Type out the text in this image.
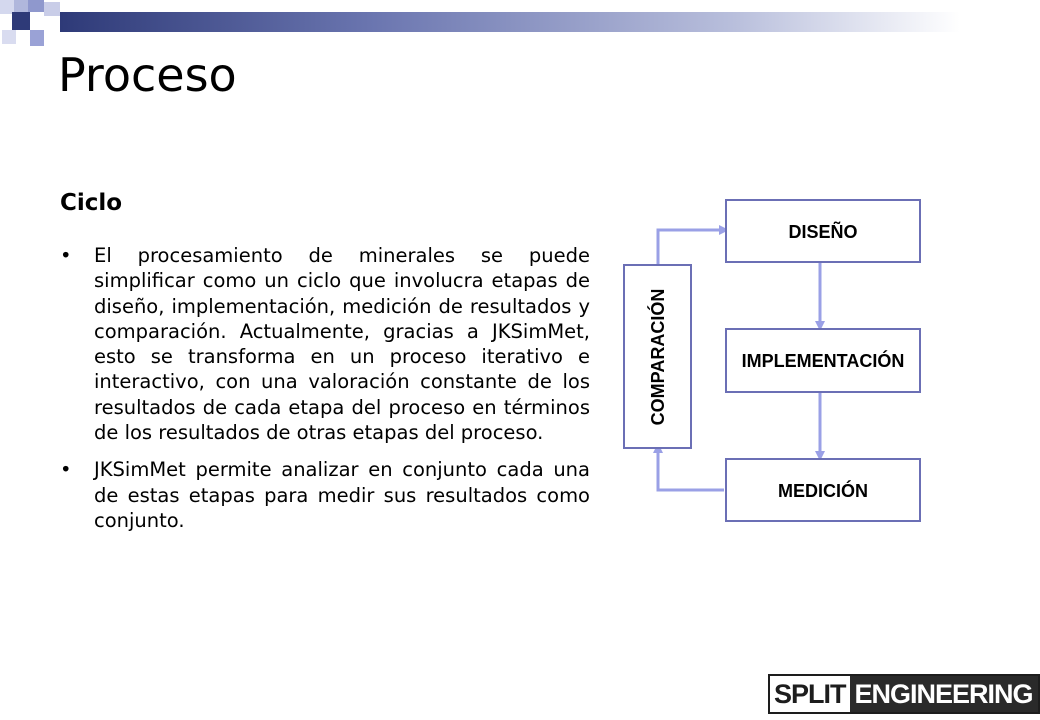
Proceso
Ciclo
• El procesamiento de minerales se puede simplificar como un ciclo que involucra etapas de diseño, implementación, medición de resultados y comparación. Actualmente, gracias a JKSimMet, esto se transforma en un proceso iterativo e interactivo, con una valoración constante de los resultados de cada etapa del proceso en términos de los resultados de otras etapas del proceso.
• JKSimMet permite analizar en conjunto cada una de estas etapas para medir sus resultados como conjunto.
DISEÑO
IMPLEMENTACIÓN
MEDICIÓN
COMPARACIÓN
SPLIT ENGINEERING
